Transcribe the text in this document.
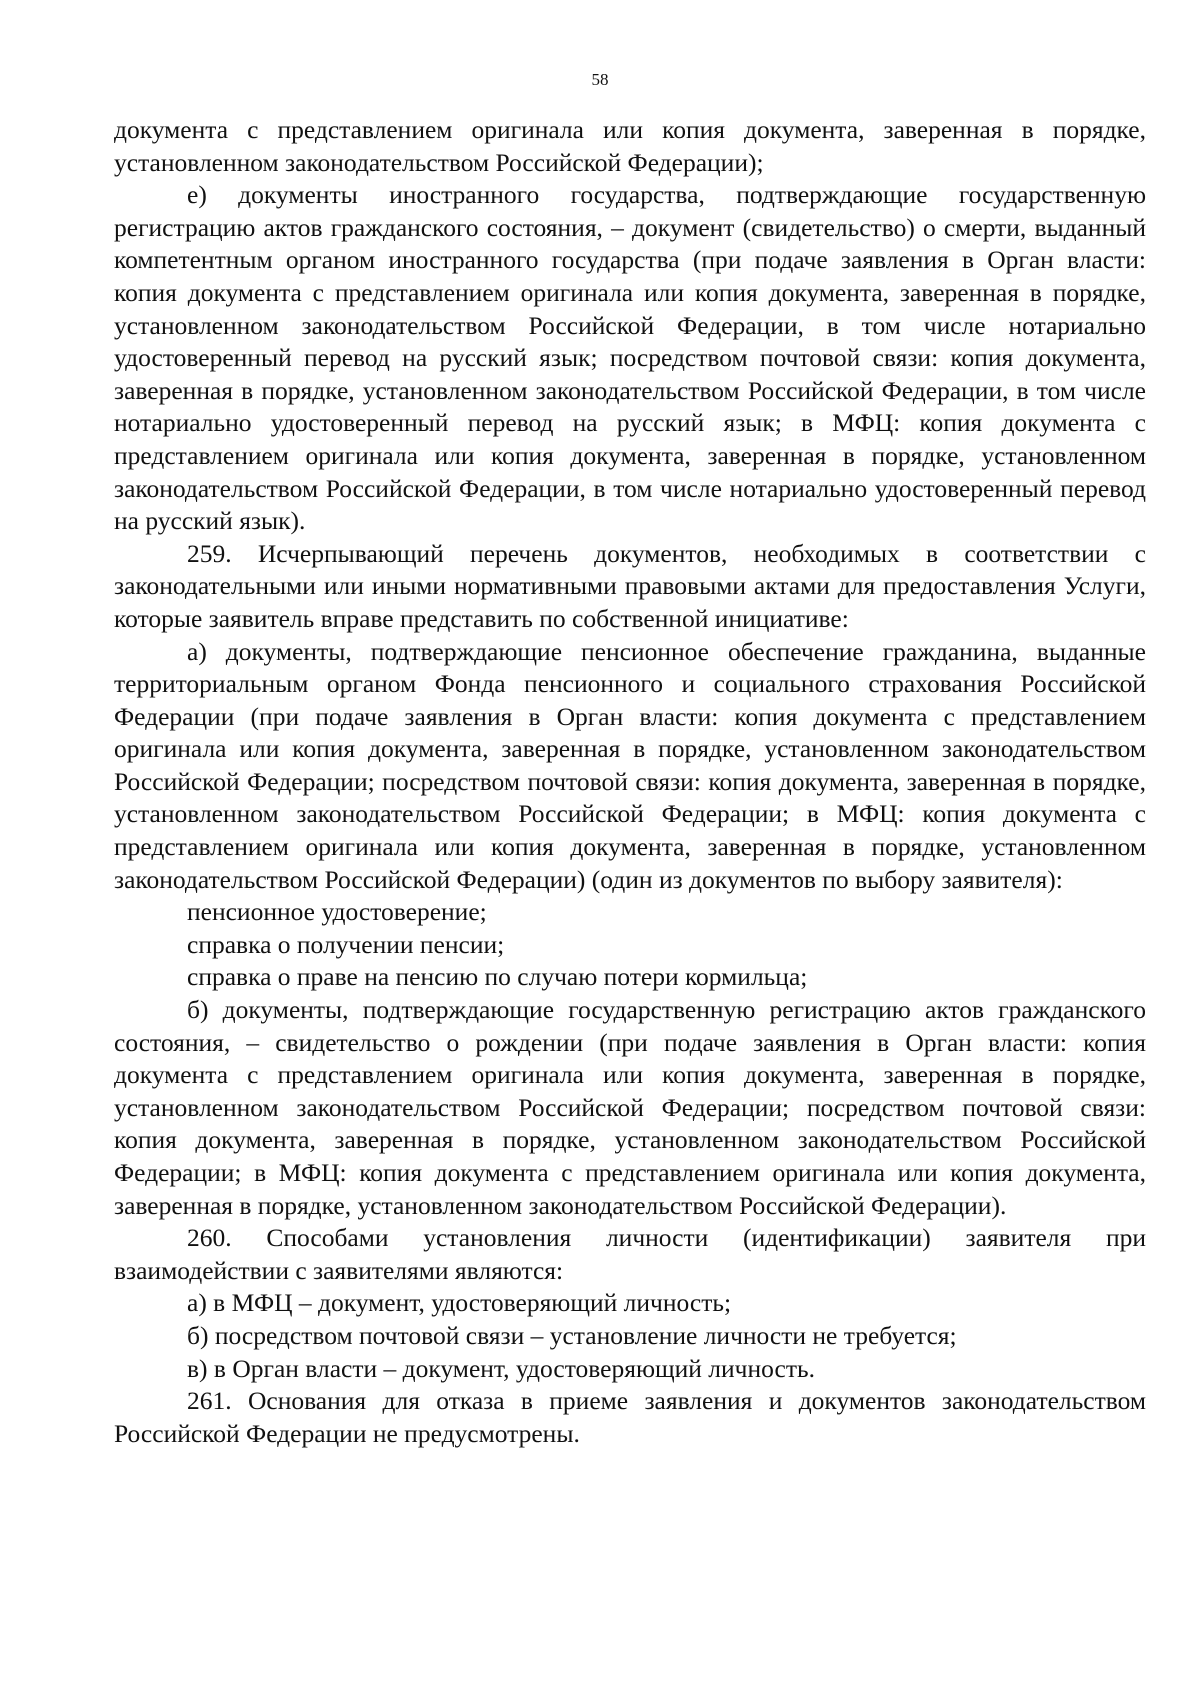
58

документа с представлением оригинала или копия документа, заверенная в порядке, установленном законодательством Российской Федерации);

е) документы иностранного государства, подтверждающие государственную регистрацию актов гражданского состояния, – документ (свидетельство) о смерти, выданный компетентным органом иностранного государства (при подаче заявления в Орган власти: копия документа с представлением оригинала или копия документа, заверенная в порядке, установленном законодательством Российской Федерации, в том числе нотариально удостоверенный перевод на русский язык; посредством почтовой связи: копия документа, заверенная в порядке, установленном законодательством Российской Федерации, в том числе нотариально удостоверенный перевод на русский язык; в МФЦ: копия документа с представлением оригинала или копия документа, заверенная в порядке, установленном законодательством Российской Федерации, в том числе нотариально удостоверенный перевод на русский язык).

259. Исчерпывающий перечень документов, необходимых в соответствии с законодательными или иными нормативными правовыми актами для предоставления Услуги, которые заявитель вправе представить по собственной инициативе:

а) документы, подтверждающие пенсионное обеспечение гражданина, выданные территориальным органом Фонда пенсионного и социального страхования Российской Федерации (при подаче заявления в Орган власти: копия документа с представлением оригинала или копия документа, заверенная в порядке, установленном законодательством Российской Федерации; посредством почтовой связи: копия документа, заверенная в порядке, установленном законодательством Российской Федерации; в МФЦ: копия документа с представлением оригинала или копия документа, заверенная в порядке, установленном законодательством Российской Федерации) (один из документов по выбору заявителя):

пенсионное удостоверение;

справка о получении пенсии;

справка о праве на пенсию по случаю потери кормильца;

б) документы, подтверждающие государственную регистрацию актов гражданского состояния, – свидетельство о рождении (при подаче заявления в Орган власти: копия документа с представлением оригинала или копия документа, заверенная в порядке, установленном законодательством Российской Федерации; посредством почтовой связи: копия документа, заверенная в порядке, установленном законодательством Российской Федерации; в МФЦ: копия документа с представлением оригинала или копия документа, заверенная в порядке, установленном законодательством Российской Федерации).

260. Способами установления личности (идентификации) заявителя при взаимодействии с заявителями являются:

а) в МФЦ – документ, удостоверяющий личность;

б) посредством почтовой связи – установление личности не требуется;

в) в Орган власти – документ, удостоверяющий личность.

261. Основания для отказа в приеме заявления и документов законодательством Российской Федерации не предусмотрены.
